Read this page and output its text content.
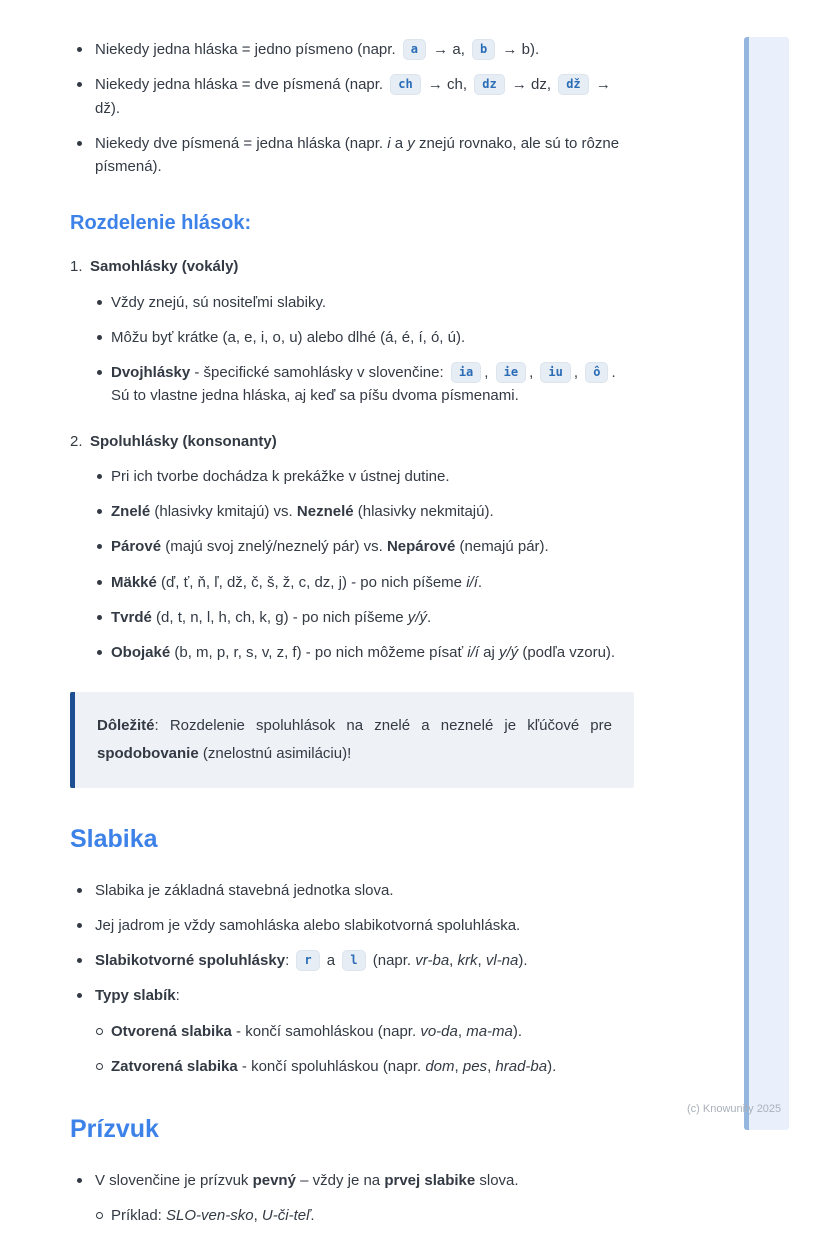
Niekedy jedna hláska = jedno písmeno (napr. a → a, b → b).
Niekedy jedna hláska = dve písmená (napr. ch → ch, dz → dz, dž → dž).
Niekedy dve písmená = jedna hláska (napr. i a y znejú rovnako, ale sú to rôzne písmená).
Rozdelenie hlások:
1. Samohlásky (vokály)
Vždy znejú, sú nositeľmi slabiky.
Môžu byť krátke (a, e, i, o, u) alebo dlhé (á, é, í, ó, ú).
Dvojhlásky - špecifické samohlásky v slovenčine: ia , ie , iu , ô . Sú to vlastne jedna hláska, aj keď sa píšu dvoma písmenami.
2. Spoluhlásky (konsonanty)
Pri ich tvorbe dochádza k prekážke v ústnej dutine.
Znelé (hlasivky kmitajú) vs. Neznelé (hlasivky nekmitajú).
Párové (majú svoj znelý/neznelý pár) vs. Nepárové (nemajú pár).
Mäkké (ď, ť, ň, ľ, dž, č, š, ž, c, dz, j) - po nich píšeme i/í.
Tvrdé (d, t, n, l, h, ch, k, g) - po nich píšeme y/ý.
Obojaké (b, m, p, r, s, v, z, f) - po nich môžeme písať i/í aj y/ý (podľa vzoru).
Dôležité: Rozdelenie spoluhlások na znelé a neznelé je kľúčové pre spodobovanie (znelostnú asimiláciu)!
Slabika
Slabika je základná stavebná jednotka slova.
Jej jadrom je vždy samohláska alebo slabikotvorná spoluhláska.
Slabikotvorné spoluhlásky: r a l (napr. vr-ba, krk, vl-na).
Typy slabík:
Otvorená slabika - končí samohláskou (napr. vo-da, ma-ma).
Zatvorená slabika - končí spoluhláskou (napr. dom, pes, hrad-ba).
Prízvuk
V slovenčine je prízvuk pevný – vždy je na prvej slabike slova.
Príklad: SLO-ven-sko, U-či-teľ.
(c) Knowunity 2025
